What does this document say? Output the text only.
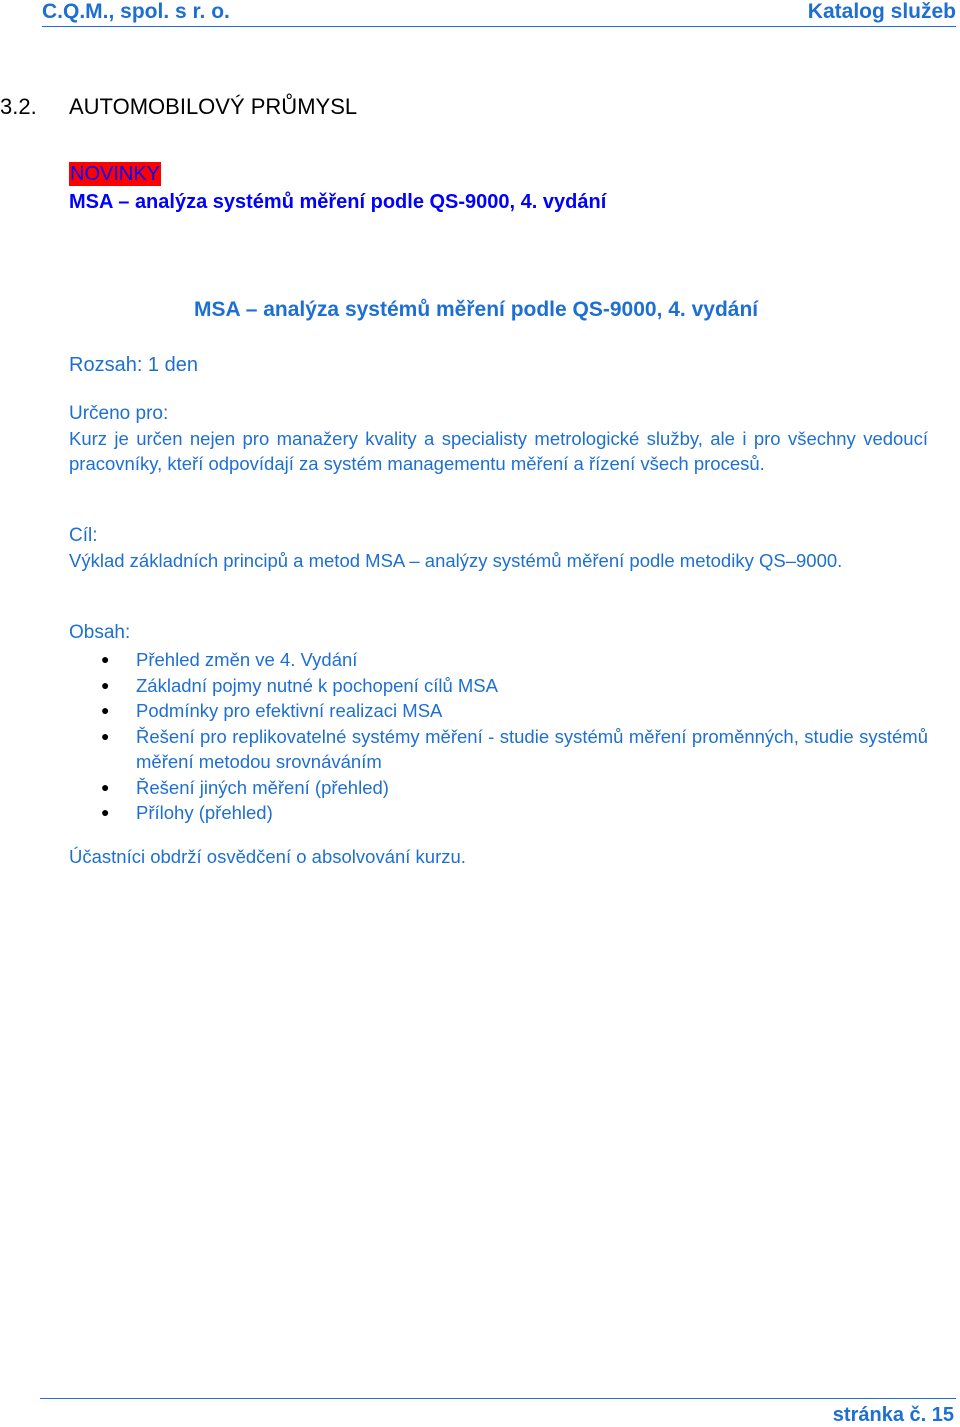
C.Q.M., spol. s r. o.	Katalog služeb
3.2. AUTOMOBILOVÝ PRŮMYSL
NOVINKY
MSA – analýza systémů měření podle QS-9000, 4. vydání
MSA – analýza systémů měření podle QS-9000, 4. vydání
Rozsah: 1 den
Určeno pro:
Kurz je určen nejen pro manažery kvality a specialisty metrologické služby, ale i pro všechny vedoucí pracovníky, kteří odpovídají za systém managementu měření a řízení všech procesů.
Cíl:
Výklad základních principů a metod MSA – analýzy systémů měření podle metodiky QS–9000.
Obsah:
● Přehled změn ve 4. Vydání
● Základní pojmy nutné k pochopení cílů MSA
● Podmínky pro efektivní realizaci MSA
● Řešení pro replikovatelné systémy měření - studie systémů měření proměnných, studie systémů měření metodou srovnáváním
● Řešení jiných měření (přehled)
● Přílohy (přehled)
Účastníci obdrží osvědčení o absolvování kurzu.
stránka č. 15
